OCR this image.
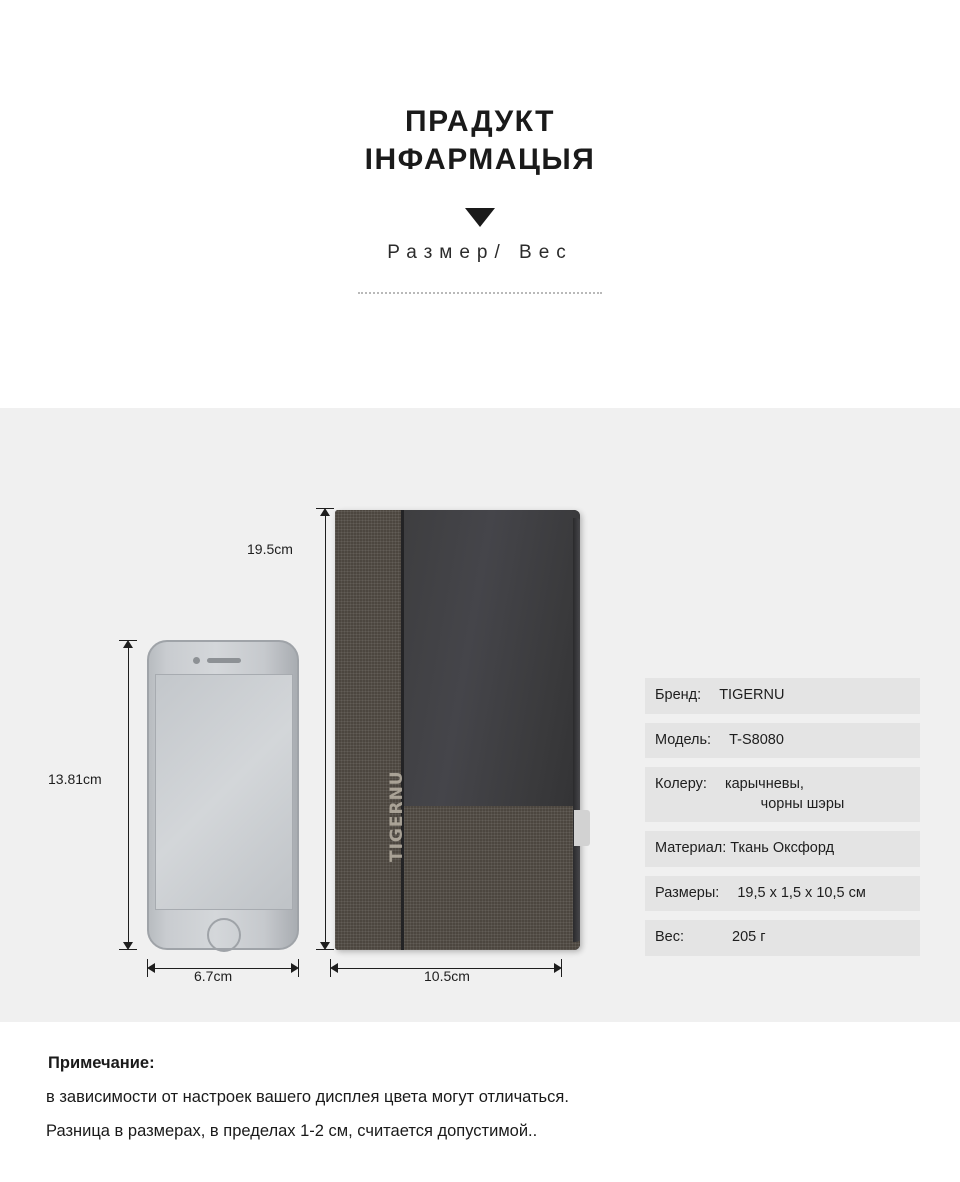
ПРАДУКТ
IНФАРМАЦЫЯ
Размер/ Вес
13.81cm
6.7cm
TIGERNU
19.5cm
10.5cm
Бренд: TIGERNU
Модель: T-S8080
Колеру: карычневы,
чорны шэры
Материал: Ткань Оксфорд
Размеры: 19,5 х 1,5 х 10,5 см
Вес:	205 г
Примечание:
в зависимости от настроек вашего дисплея цвета могут отличаться.
Разница в размерах, в пределах 1-2 см, считается допустимой..
